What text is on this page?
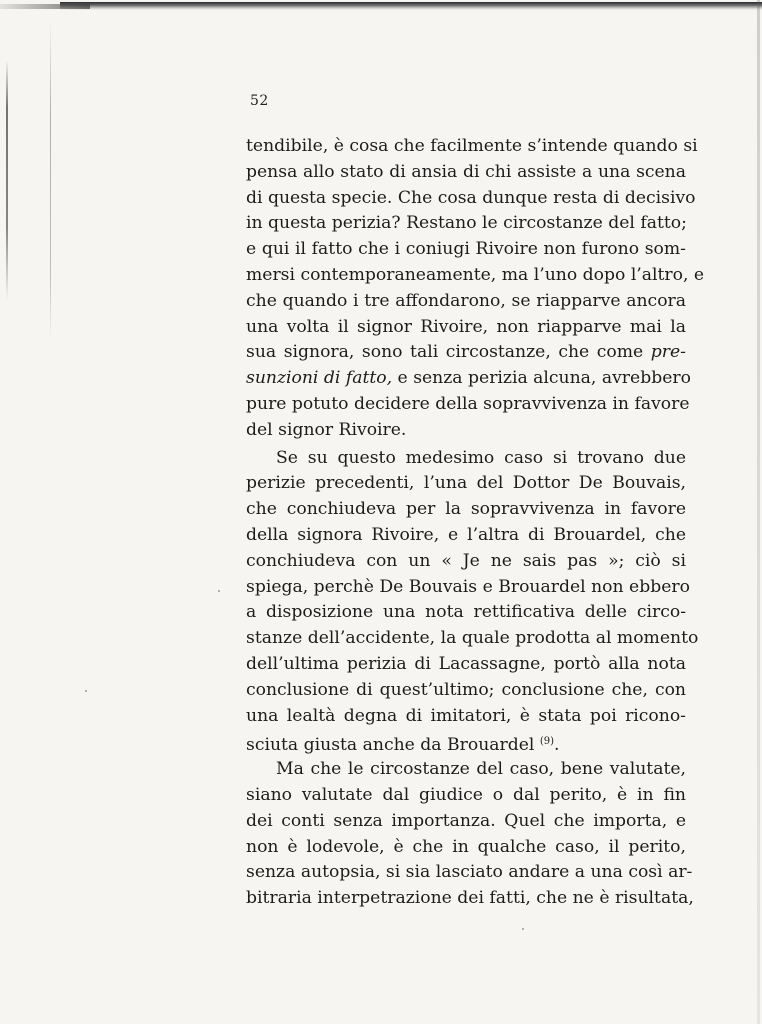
52
tendibile, è cosa che facilmente s’intende quando si
pensa allo stato di ansia di chi assiste a una scena
di questa specie. Che cosa dunque resta di decisivo
in questa perizia? Restano le circostanze del fatto;
e qui il fatto che i coniugi Rivoire non furono som-
mersi contemporaneamente, ma l’uno dopo l’altro, e
che quando i tre affondarono, se riapparve ancora
una volta il signor Rivoire, non riapparve mai la
sua signora, sono tali circostanze, che come pre-
sunzioni di fatto, e senza perizia alcuna, avrebbero
pure potuto decidere della sopravvivenza in favore
del signor Rivoire.
Se su questo medesimo caso si trovano due
perizie precedenti, l’una del Dottor De Bouvais,
che conchiudeva per la sopravvivenza in favore
della signora Rivoire, e l’altra di Brouardel, che
conchiudeva con un « Je ne sais pas »; ciò si
spiega, perchè De Bouvais e Brouardel non ebbero
a disposizione una nota rettificativa delle circo-
stanze dell’accidente, la quale prodotta al momento
dell’ultima perizia di Lacassagne, portò alla nota
conclusione di quest’ultimo; conclusione che, con
una lealtà degna di imitatori, è stata poi ricono-
sciuta giusta anche da Brouardel $^{(9)}$.
Ma che le circostanze del caso, bene valutate,
siano valutate dal giudice o dal perito, è in fin
dei conti senza importanza. Quel che importa, e
non è lodevole, è che in qualche caso, il perito,
senza autopsia, si sia lasciato andare a una così ar-
bitraria interpetrazione dei fatti, che ne è risultata,
